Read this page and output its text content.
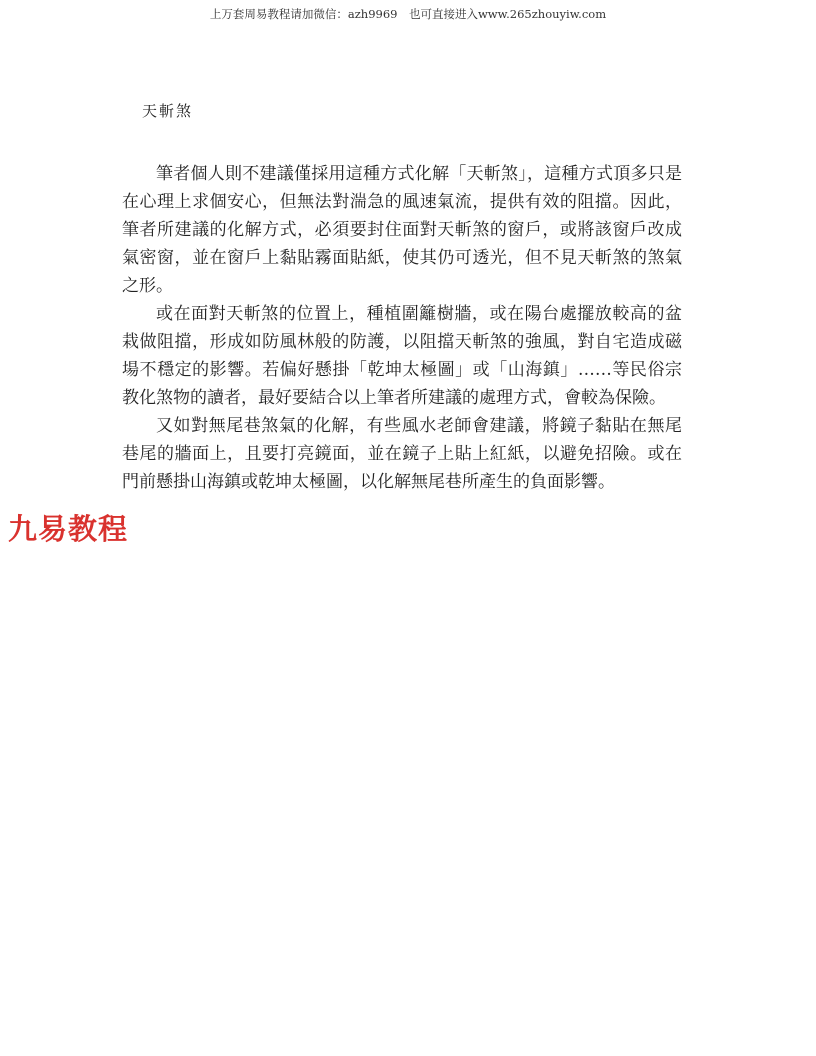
上万套周易教程请加微信：azh9969　也可直接进入www.265zhouyiw.com
天斬煞

筆者個人則不建議僅採用這種方式化解「天斬煞」，這種方式頂多只是在心理上求個安心，但無法對湍急的風速氣流，提供有效的阻擋。因此，筆者所建議的化解方式，必須要封住面對天斬煞的窗戶，或將該窗戶改成氣密窗，並在窗戶上黏貼霧面貼紙，使其仍可透光，但不見天斬煞的煞氣之形。

或在面對天斬煞的位置上，種植圍籬樹牆，或在陽台處擺放較高的盆栽做阻擋，形成如防風林般的防護，以阻擋天斬煞的強風，對自宅造成磁場不穩定的影響。若偏好懸掛「乾坤太極圖」或「山海鎮」……等民俗宗教化煞物的讀者，最好要結合以上筆者所建議的處理方式，會較為保險。

又如對無尾巷煞氣的化解，有些風水老師會建議，將鏡子黏貼在無尾巷尾的牆面上，且要打亮鏡面，並在鏡子上貼上紅紙，以避免招險。或在門前懸掛山海鎮或乾坤太極圖，以化解無尾巷所產生的負面影響。

九易教程
